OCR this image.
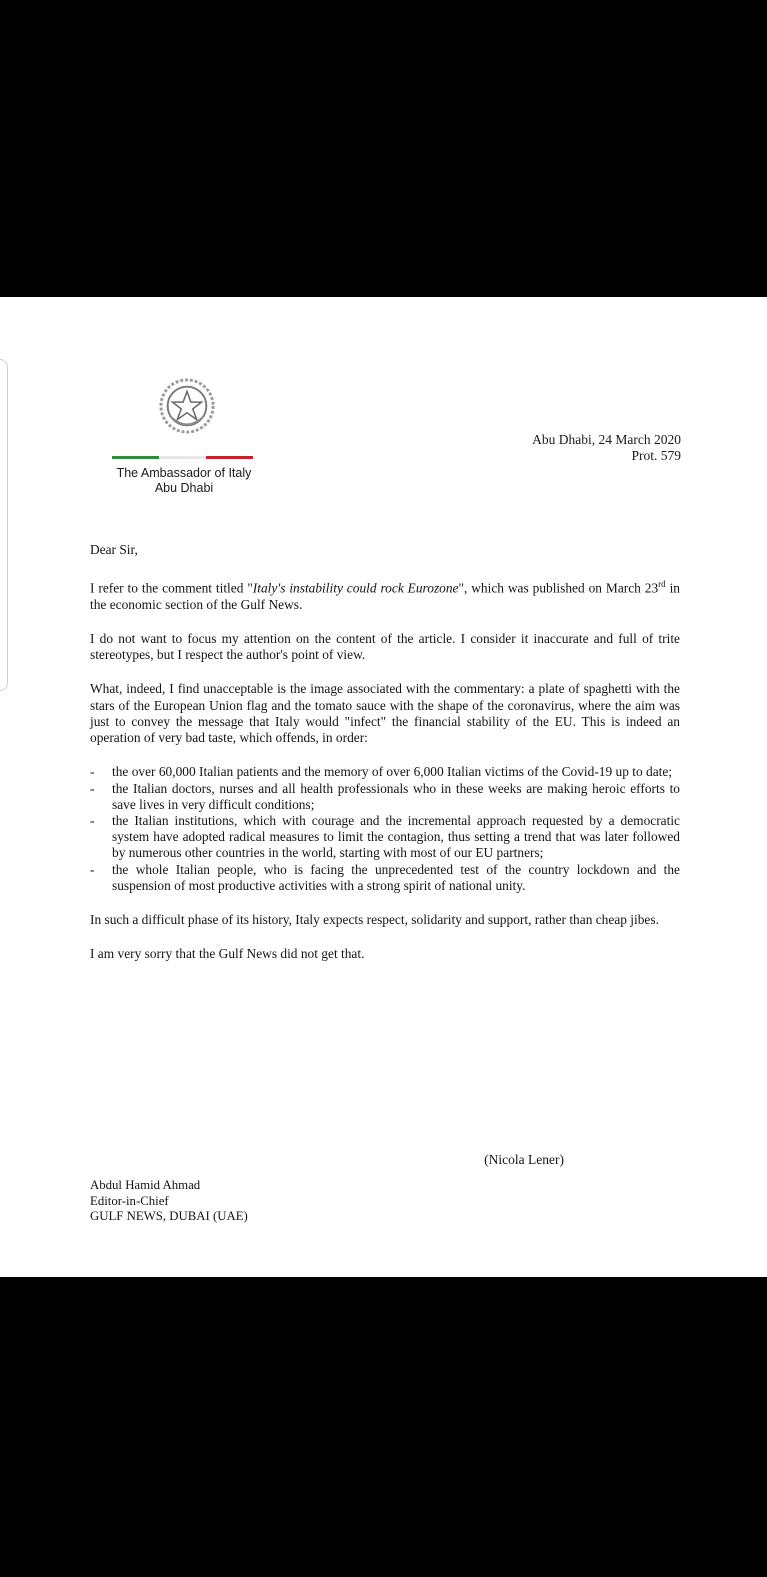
The Ambassador of Italy
Abu Dhabi
Abu Dhabi, 24 March 2020
Prot. 579

Dear Sir,

I refer to the comment titled "Italy's instability could rock Eurozone", which was published on March 23rd in the economic section of the Gulf News.

I do not want to focus my attention on the content of the article. I consider it inaccurate and full of trite stereotypes, but I respect the author's point of view.

What, indeed, I find unacceptable is the image associated with the commentary: a plate of spaghetti with the stars of the European Union flag and the tomato sauce with the shape of the coronavirus, where the aim was just to convey the message that Italy would "infect" the financial stability of the EU. This is indeed an operation of very bad taste, which offends, in order:

- the over 60,000 Italian patients and the memory of over 6,000 Italian victims of the Covid-19 up to date;
- the Italian doctors, nurses and all health professionals who in these weeks are making heroic efforts to save lives in very difficult conditions;
- the Italian institutions, which with courage and the incremental approach requested by a democratic system have adopted radical measures to limit the contagion, thus setting a trend that was later followed by numerous other countries in the world, starting with most of our EU partners;
- the whole Italian people, who is facing the unprecedented test of the country lockdown and the suspension of most productive activities with a strong spirit of national unity.

In such a difficult phase of its history, Italy expects respect, solidarity and support, rather than cheap jibes.

I am very sorry that the Gulf News did not get that.

(Nicola Lener)
Abdul Hamid Ahmad
Editor-in-Chief
GULF NEWS, DUBAI (UAE)
